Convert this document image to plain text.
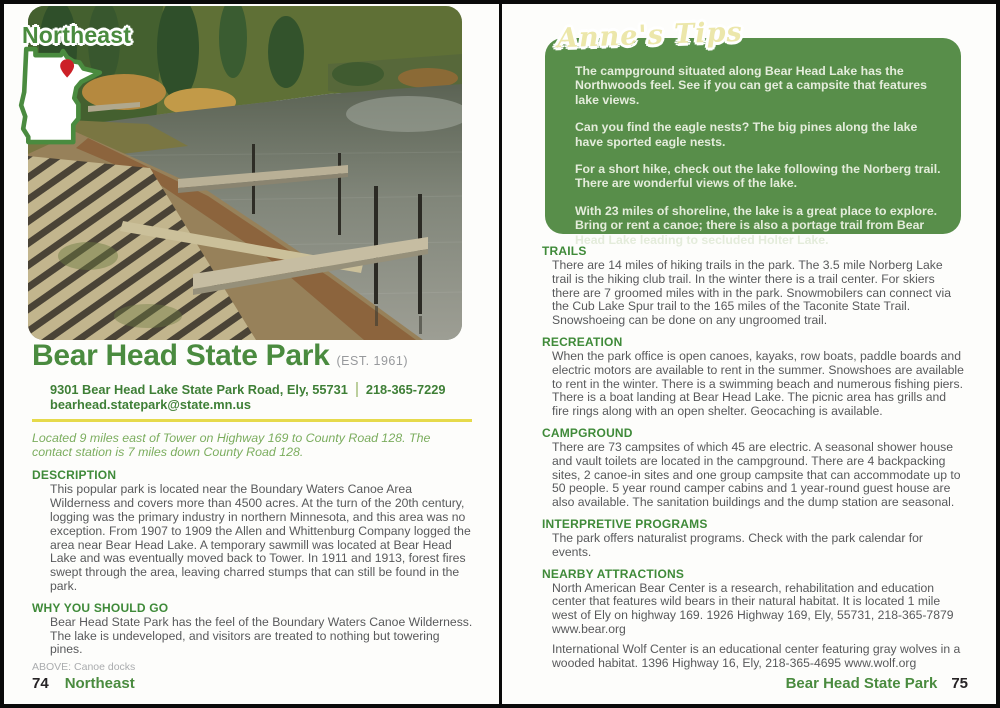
Northeast
Bear Head State Park (EST. 1961)
9301 Bear Head Lake State Park Road, Ely, 55731 218-365-7229
bearhead.statepark@state.mn.us

Located 9 miles east of Tower on Highway 169 to County Road 128. The contact station is 7 miles down County Road 128.

DESCRIPTION

This popular park is located near the Boundary Waters Canoe Area Wilderness and covers more than 4500 acres. At the turn of the 20th century, logging was the primary industry in northern Minnesota, and this area was no exception. From 1907 to 1909 the Allen and Whittenburg Company logged the area near Bear Head Lake. A temporary sawmill was located at Bear Head Lake and was eventually moved back to Tower. In 1911 and 1913, forest fires swept through the area, leaving charred stumps that can still be found in the park.

WHY YOU SHOULD GO

Bear Head State Park has the feel of the Boundary Waters Canoe Wilderness. The lake is undeveloped, and visitors are treated to nothing but towering pines.

ABOVE: Canoe docks
74 Northeast
Anne's Tips

The campground situated along Bear Head Lake has the Northwoods feel. See if you can get a campsite that features lake views.

Can you find the eagle nests? The big pines along the lake have sported eagle nests.

For a short hike, check out the lake following the Norberg trail. There are wonderful views of the lake.

With 23 miles of shoreline, the lake is a great place to explore. Bring or rent a canoe; there is also a portage trail from Bear Head Lake leading to secluded Holter Lake.

TRAILS

There are 14 miles of hiking trails in the park. The 3.5 mile Norberg Lake trail is the hiking club trail. In the winter there is a trail center. For skiers there are 7 groomed miles with in the park. Snowmobilers can connect via the Cub Lake Spur trail to the 165 miles of the Taconite State Trail. Snowshoeing can be done on any ungroomed trail.

RECREATION

When the park office is open canoes, kayaks, row boats, paddle boards and electric motors are available to rent in the summer. Snowshoes are available to rent in the winter. There is a swimming beach and numerous fishing piers. There is a boat landing at Bear Head Lake. The picnic area has grills and fire rings along with an open shelter. Geocaching is available.

CAMPGROUND

There are 73 campsites of which 45 are electric. A seasonal shower house and vault toilets are located in the campground. There are 4 backpacking sites, 2 canoe-in sites and one group campsite that can accommodate up to 50 people. 5 year round camper cabins and 1 year-round guest house are also available. The sanitation buildings and the dump station are seasonal.

INTERPRETIVE PROGRAMS

The park offers naturalist programs. Check with the park calendar for events.

NEARBY ATTRACTIONS

North American Bear Center is a research, rehabilitation and education center that features wild bears in their natural habitat. It is located 1 mile west of Ely on highway 169. 1926 Highway 169, Ely, 55731, 218-365-7879 www.bear.org

International Wolf Center is an educational center featuring gray wolves in a wooded habitat. 1396 Highway 16, Ely, 218-365-4695 www.wolf.org

Bear Head State Park 75
